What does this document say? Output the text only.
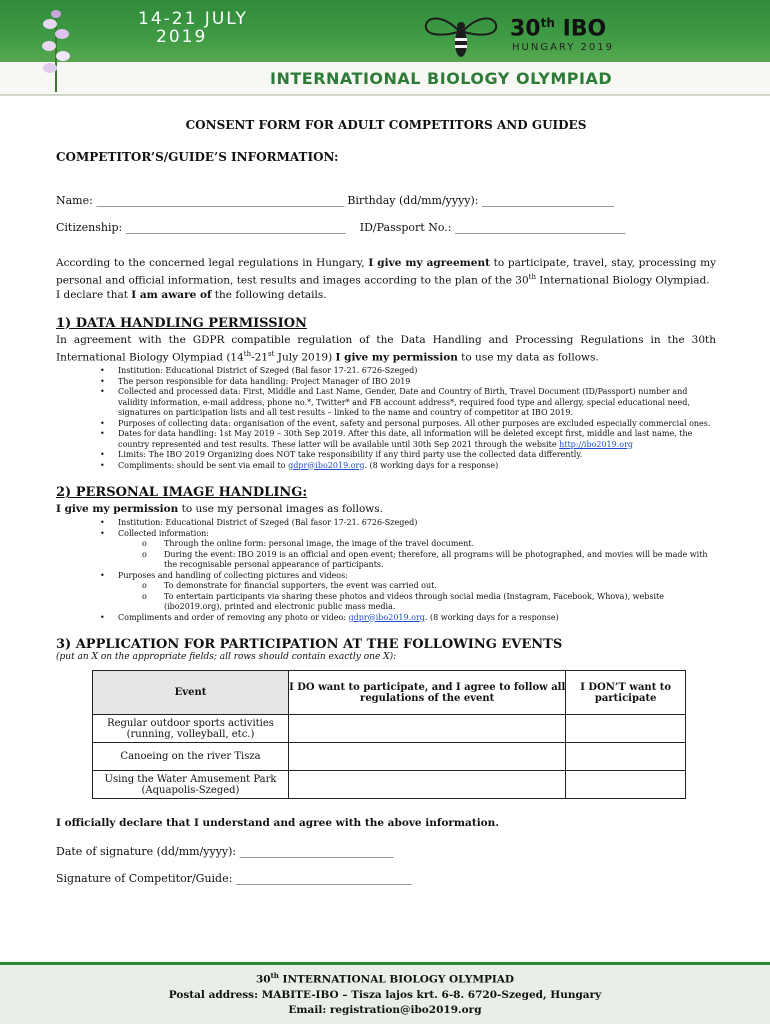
14-21 JULY
2019	30th IBO
HUNGARY 2019
INTERNATIONAL BIOLOGY OLYMPIAD
CONSENT FORM FOR ADULT COMPETITORS AND GUIDES
COMPETITOR’S/GUIDE’S INFORMATION:
Name: _____________________________________________ Birthday (dd/mm/yyyy): ________________________
Citizenship: ________________________________________ ID/Passport No.: _______________________________

According to the concerned legal regulations in Hungary, I give my agreement to participate, travel, stay, processing my personal and official information, test results and images according to the plan of the 30th International Biology Olympiad.
I declare that I am aware of the following details.

1) DATA HANDLING PERMISSION

In agreement with the GDPR compatible regulation of the Data Handling and Processing Regulations in the 30th International Biology Olympiad (14th-21st July 2019) I give my permission to use my data as follows.

• Institution: Educational District of Szeged (Bal fasor 17-21. 6726-Szeged)
• The person responsible for data handling: Project Manager of IBO 2019
• Collected and processed data: First, Middle and Last Name, Gender, Date and Country of Birth, Travel Document (ID/Passport) number and validity information, e-mail address, phone no.*, Twitter* and FB account address*, required food type and allergy, special educational need, signatures on participation lists and all test results – linked to the name and country of competitor at IBO 2019.
• Purposes of collecting data: organisation of the event, safety and personal purposes. All other purposes are excluded especially commercial ones.
• Dates for data handling: 1st May 2019 – 30th Sep 2019. After this date, all information will be deleted except first, middle and last name, the country represented and test results. These latter will be available until 30th Sep 2021 through the website http://ibo2019.org
• Limits: The IBO 2019 Organizing does NOT take responsibility if any third party use the collected data differently.
• Compliments: should be sent via email to gdpr@ibo2019.org. (8 working days for a response)
2) PERSONAL IMAGE HANDLING:

I give my permission to use my personal images as follows.

• Institution: Educational District of Szeged (Bal fasor 17-21. 6726-Szeged)
• Collected information:
o Through the online form: personal image, the image of the travel document.
o During the event: IBO 2019 is an official and open event; therefore, all programs will be photographed, and movies will be made with the recognisable personal appearance of participants.
• Purposes and handling of collecting pictures and videos:
o To demonstrate for financial supporters, the event was carried out.
o To entertain participants via sharing these photos and videos through social media (Instagram, Facebook, Whova), website (ibo2019.org), printed and electronic public mass media.
• Compliments and order of removing any photo or video: gdpr@ibo2019.org. (8 working days for a response)
3) APPLICATION FOR PARTICIPATION AT THE FOLLOWING EVENTS
(put an X on the appropriate fields; all rows should contain exactly one X):
Event	I DO want to participate, and I agree to follow all regulations of the event	I DON’T want to participate
Regular outdoor sports activities (running, volleyball, etc.)		
Canoeing on the river Tisza		
Using the Water Amusement Park (Aquapolis-Szeged)		
I officially declare that I understand and agree with the above information.
Date of signature (dd/mm/yyyy): ____________________________
Signature of Competitor/Guide: ________________________________
30th INTERNATIONAL BIOLOGY OLYMPIAD
Postal address: MABITE-IBO – Tisza lajos krt. 6-8. 6720-Szeged, Hungary
Email: registration@ibo2019.org
